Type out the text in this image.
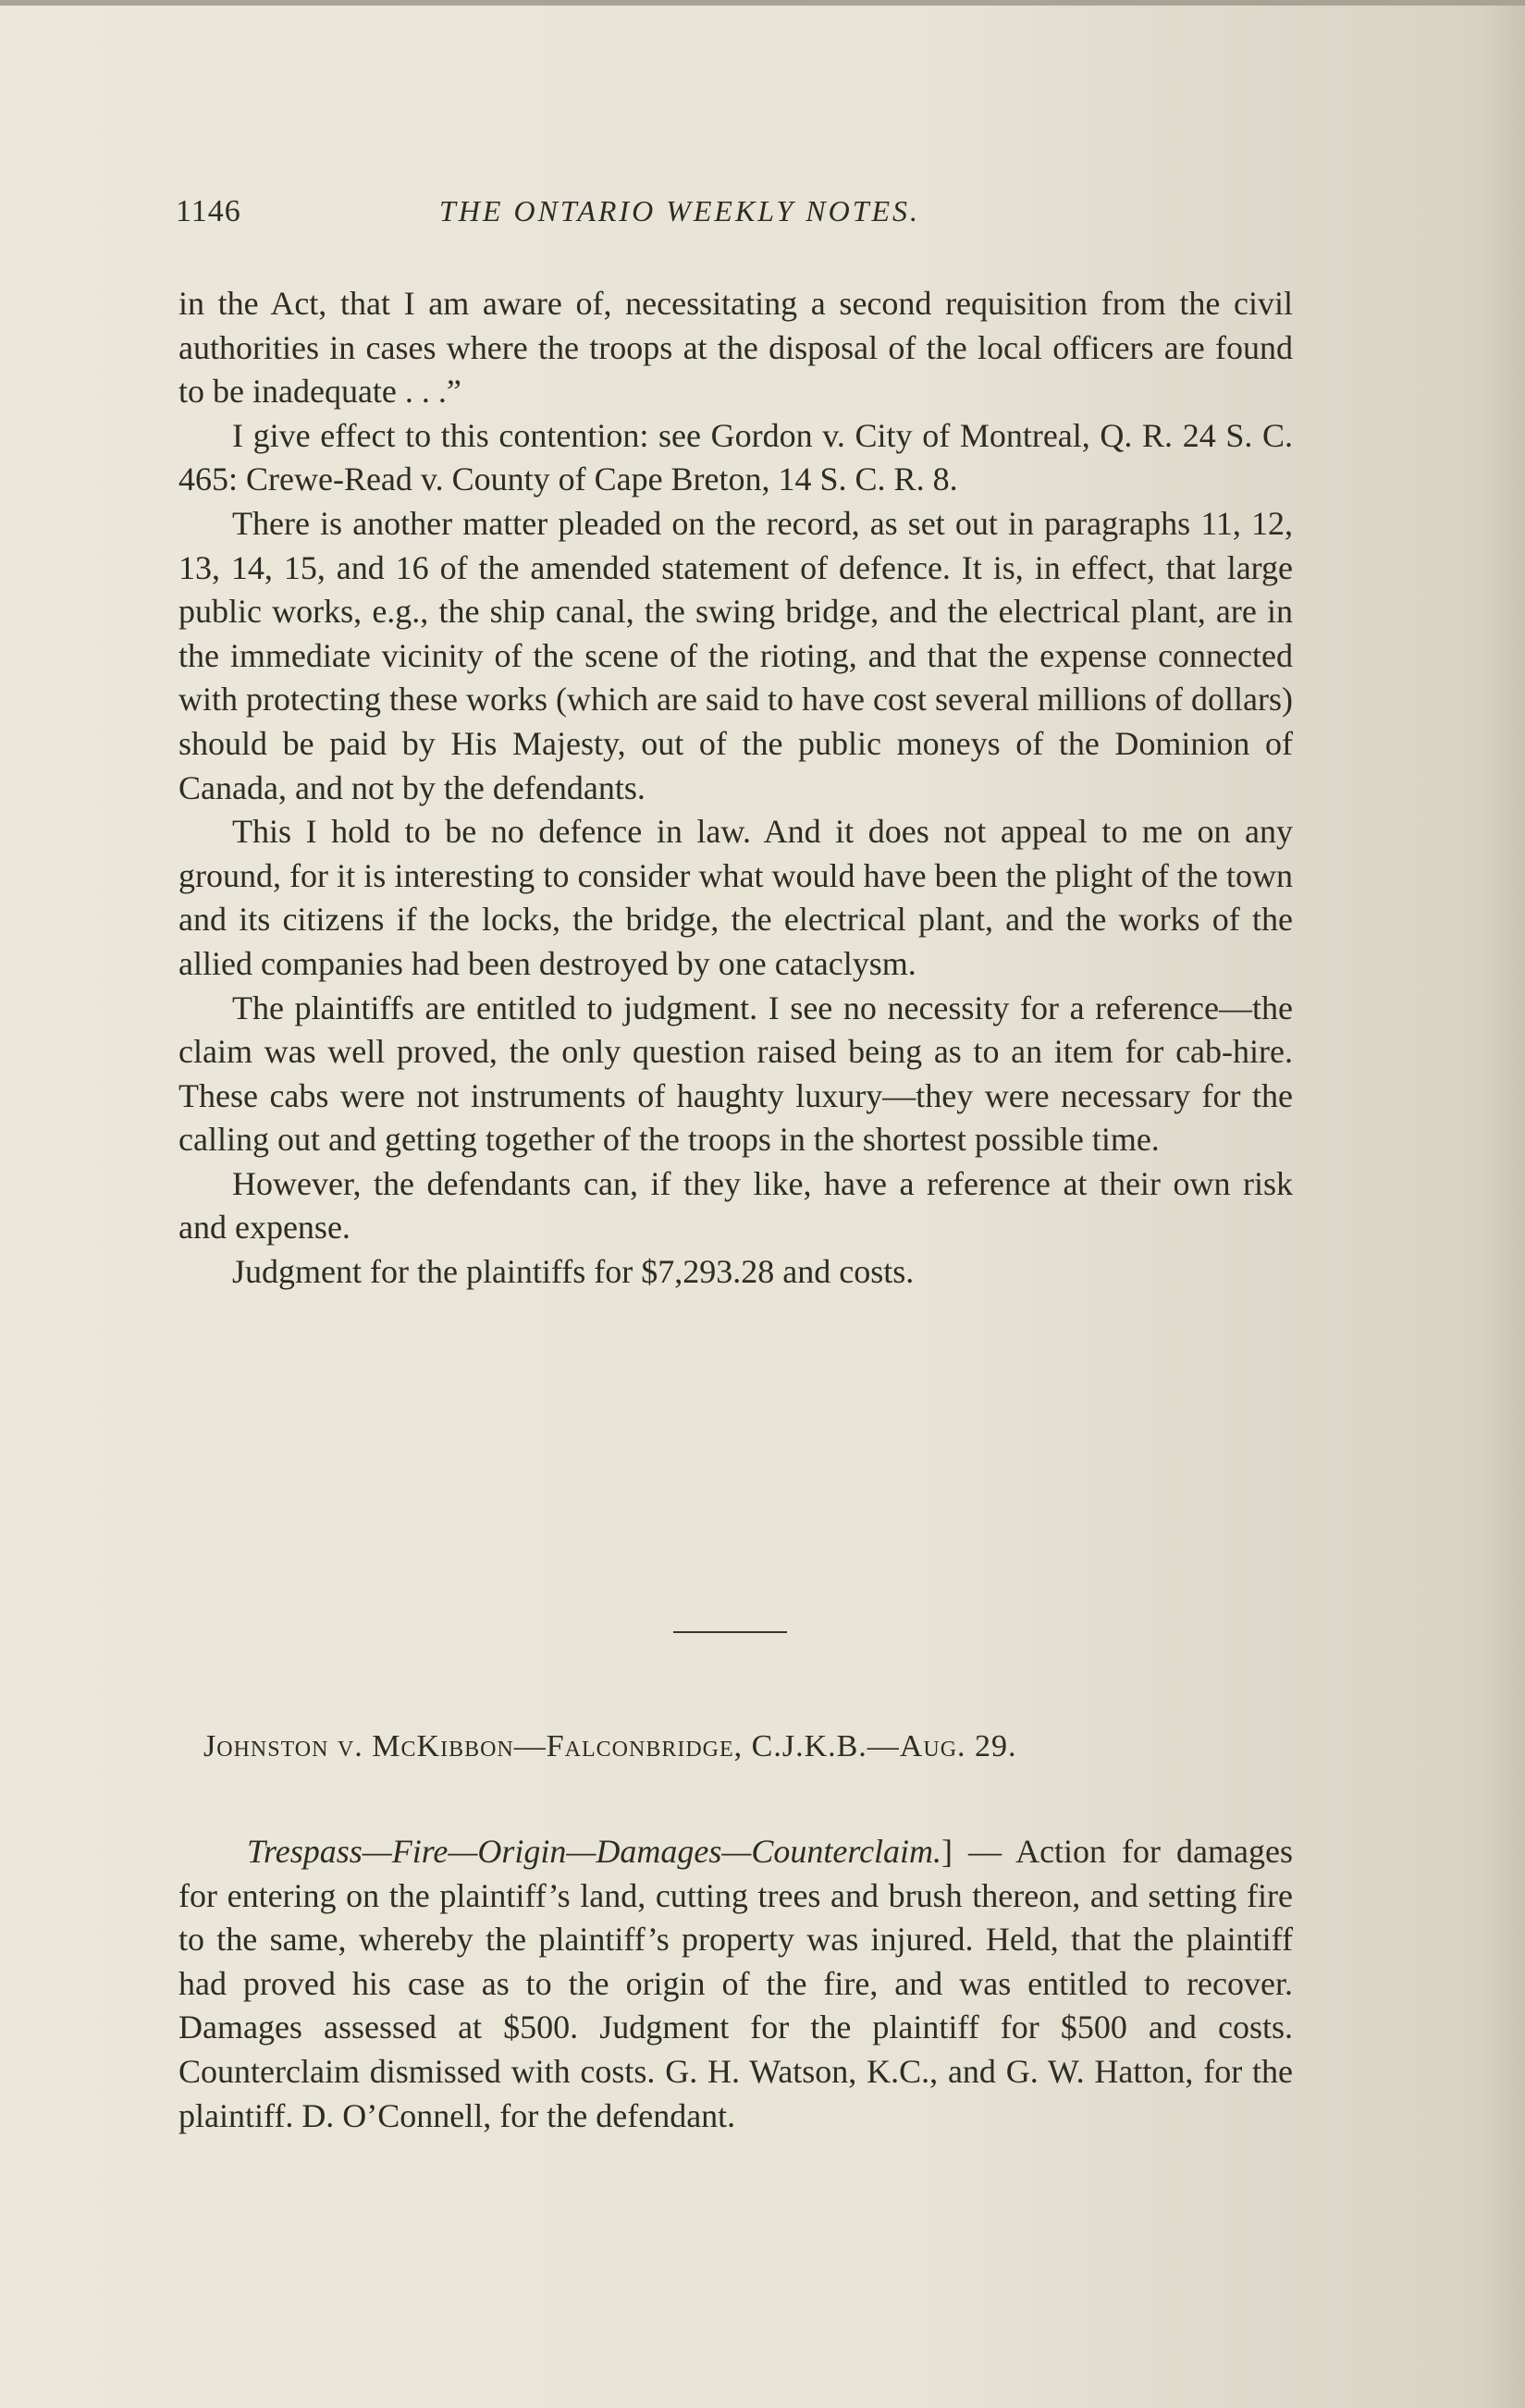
1146	THE ONTARIO WEEKLY NOTES.

in the Act, that I am aware of, necessitating a second requisition from the civil authorities in cases where the troops at the disposal of the local officers are found to be inadequate . . .”

I give effect to this contention: see Gordon v. City of Montreal, Q. R. 24 S. C. 465: Crewe-Read v. County of Cape Breton, 14 S. C. R. 8.

There is another matter pleaded on the record, as set out in paragraphs 11, 12, 13, 14, 15, and 16 of the amended statement of defence. It is, in effect, that large public works, e.g., the ship canal, the swing bridge, and the electrical plant, are in the immediate vicinity of the scene of the rioting, and that the expense connected with protecting these works (which are said to have cost several millions of dollars) should be paid by His Majesty, out of the public moneys of the Dominion of Canada, and not by the defendants.

This I hold to be no defence in law. And it does not appeal to me on any ground, for it is interesting to consider what would have been the plight of the town and its citizens if the locks, the bridge, the electrical plant, and the works of the allied companies had been destroyed by one cataclysm.

The plaintiffs are entitled to judgment. I see no necessity for a reference—the claim was well proved, the only question raised being as to an item for cab-hire. These cabs were not instruments of haughty luxury—they were necessary for the calling out and getting together of the troops in the shortest possible time.

However, the defendants can, if they like, have a reference at their own risk and expense.

Judgment for the plaintiffs for $7,293.28 and costs.

Johnston v. McKibbon—Falconbridge, C.J.K.B.—Aug. 29.

Trespass—Fire—Origin—Damages—Counterclaim.] — Action for damages for entering on the plaintiff’s land, cutting trees and brush thereon, and setting fire to the same, whereby the plaintiff’s property was injured. Held, that the plaintiff had proved his case as to the origin of the fire, and was entitled to recover. Damages assessed at $500. Judgment for the plaintiff for $500 and costs. Counterclaim dismissed with costs. G. H. Watson, K.C., and G. W. Hatton, for the plaintiff. D. O’Connell, for the defendant.
